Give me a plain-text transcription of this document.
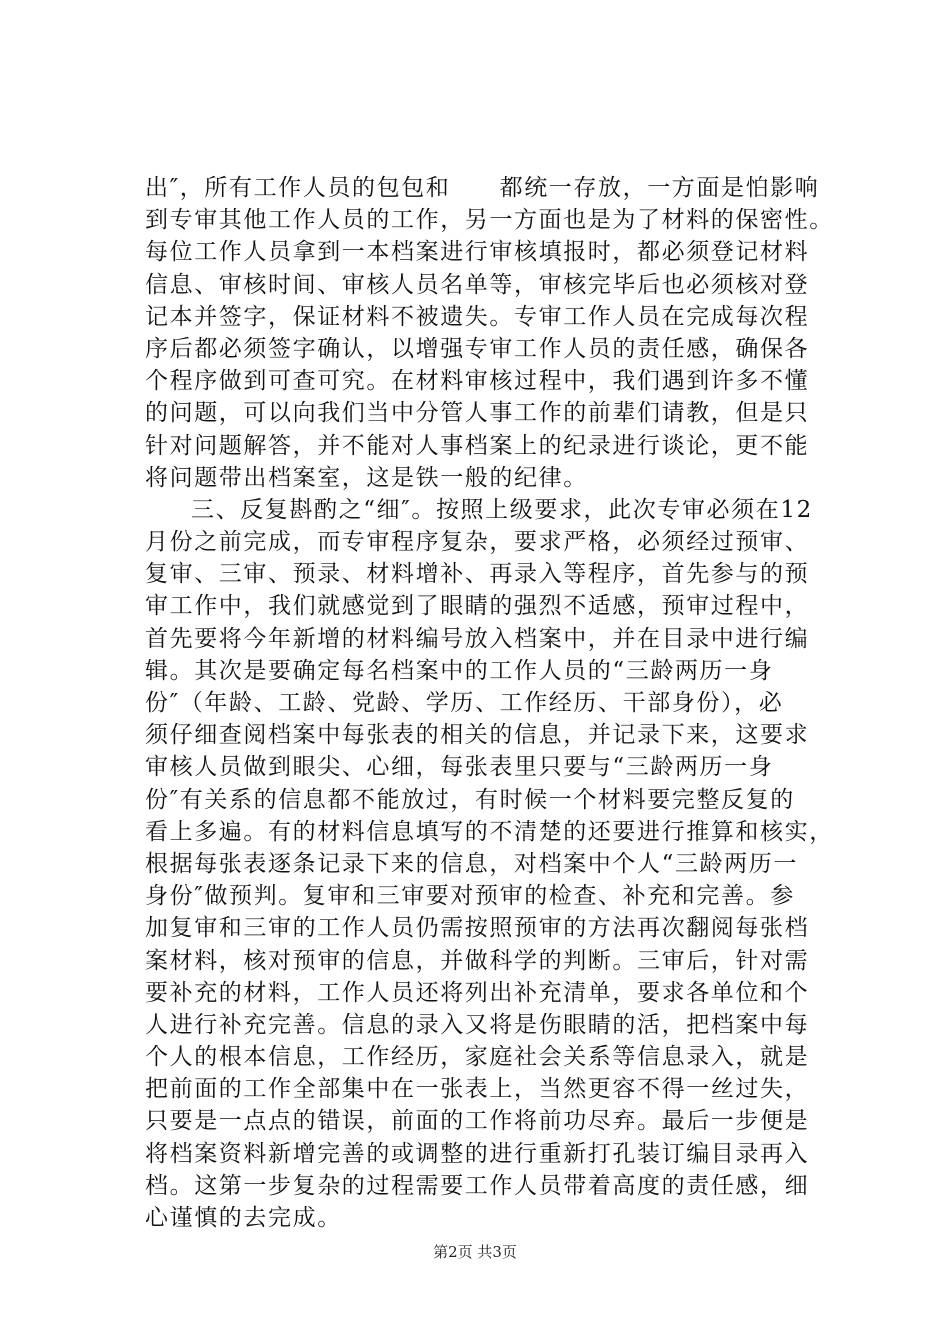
出″，所有工作人员的包包和　　都统一存放，一方面是怕影响
到专审其他工作人员的工作，另一方面也是为了材料的保密性。
每位工作人员拿到一本档案进行审核填报时，都必须登记材料
信息、审核时间、审核人员名单等，审核完毕后也必须核对登
记本并签字，保证材料不被遗失。专审工作人员在完成每次程
序后都必须签字确认，以增强专审工作人员的责任感，确保各
个程序做到可查可究。在材料审核过程中，我们遇到许多不懂
的问题，可以向我们当中分管人事工作的前辈们请教，但是只
针对问题解答，并不能对人事档案上的纪录进行谈论，更不能
将问题带出档案室，这是铁一般的纪律。
三、反复斟酌之“细″。按照上级要求，此次专审必须在12
月份之前完成，而专审程序复杂，要求严格，必须经过预审、
复审、三审、预录、材料增补、再录入等程序，首先参与的预
审工作中，我们就感觉到了眼睛的强烈不适感，预审过程中，
首先要将今年新增的材料编号放入档案中，并在目录中进行编
辑。其次是要确定每名档案中的工作人员的“三龄两历一身
份″（年龄、工龄、党龄、学历、工作经历、干部身份），必
须仔细查阅档案中每张表的相关的信息，并记录下来，这要求
审核人员做到眼尖、心细，每张表里只要与“三龄两历一身
份″有关系的信息都不能放过，有时候一个材料要完整反复的
看上多遍。有的材料信息填写的不清楚的还要进行推算和核实，
根据每张表逐条记录下来的信息，对档案中个人“三龄两历一
身份″做预判。复审和三审要对预审的检查、补充和完善。参
加复审和三审的工作人员仍需按照预审的方法再次翻阅每张档
案材料，核对预审的信息，并做科学的判断。三审后，针对需
要补充的材料，工作人员还将列出补充清单，要求各单位和个
人进行补充完善。信息的录入又将是伤眼睛的活，把档案中每
个人的根本信息，工作经历，家庭社会关系等信息录入，就是
把前面的工作全部集中在一张表上，当然更容不得一丝过失，
只要是一点点的错误，前面的工作将前功尽弃。最后一步便是
将档案资料新增完善的或调整的进行重新打孔装订编目录再入
档。这第一步复杂的过程需要工作人员带着高度的责任感，细
心谨慎的去完成。
第2页 共3页
